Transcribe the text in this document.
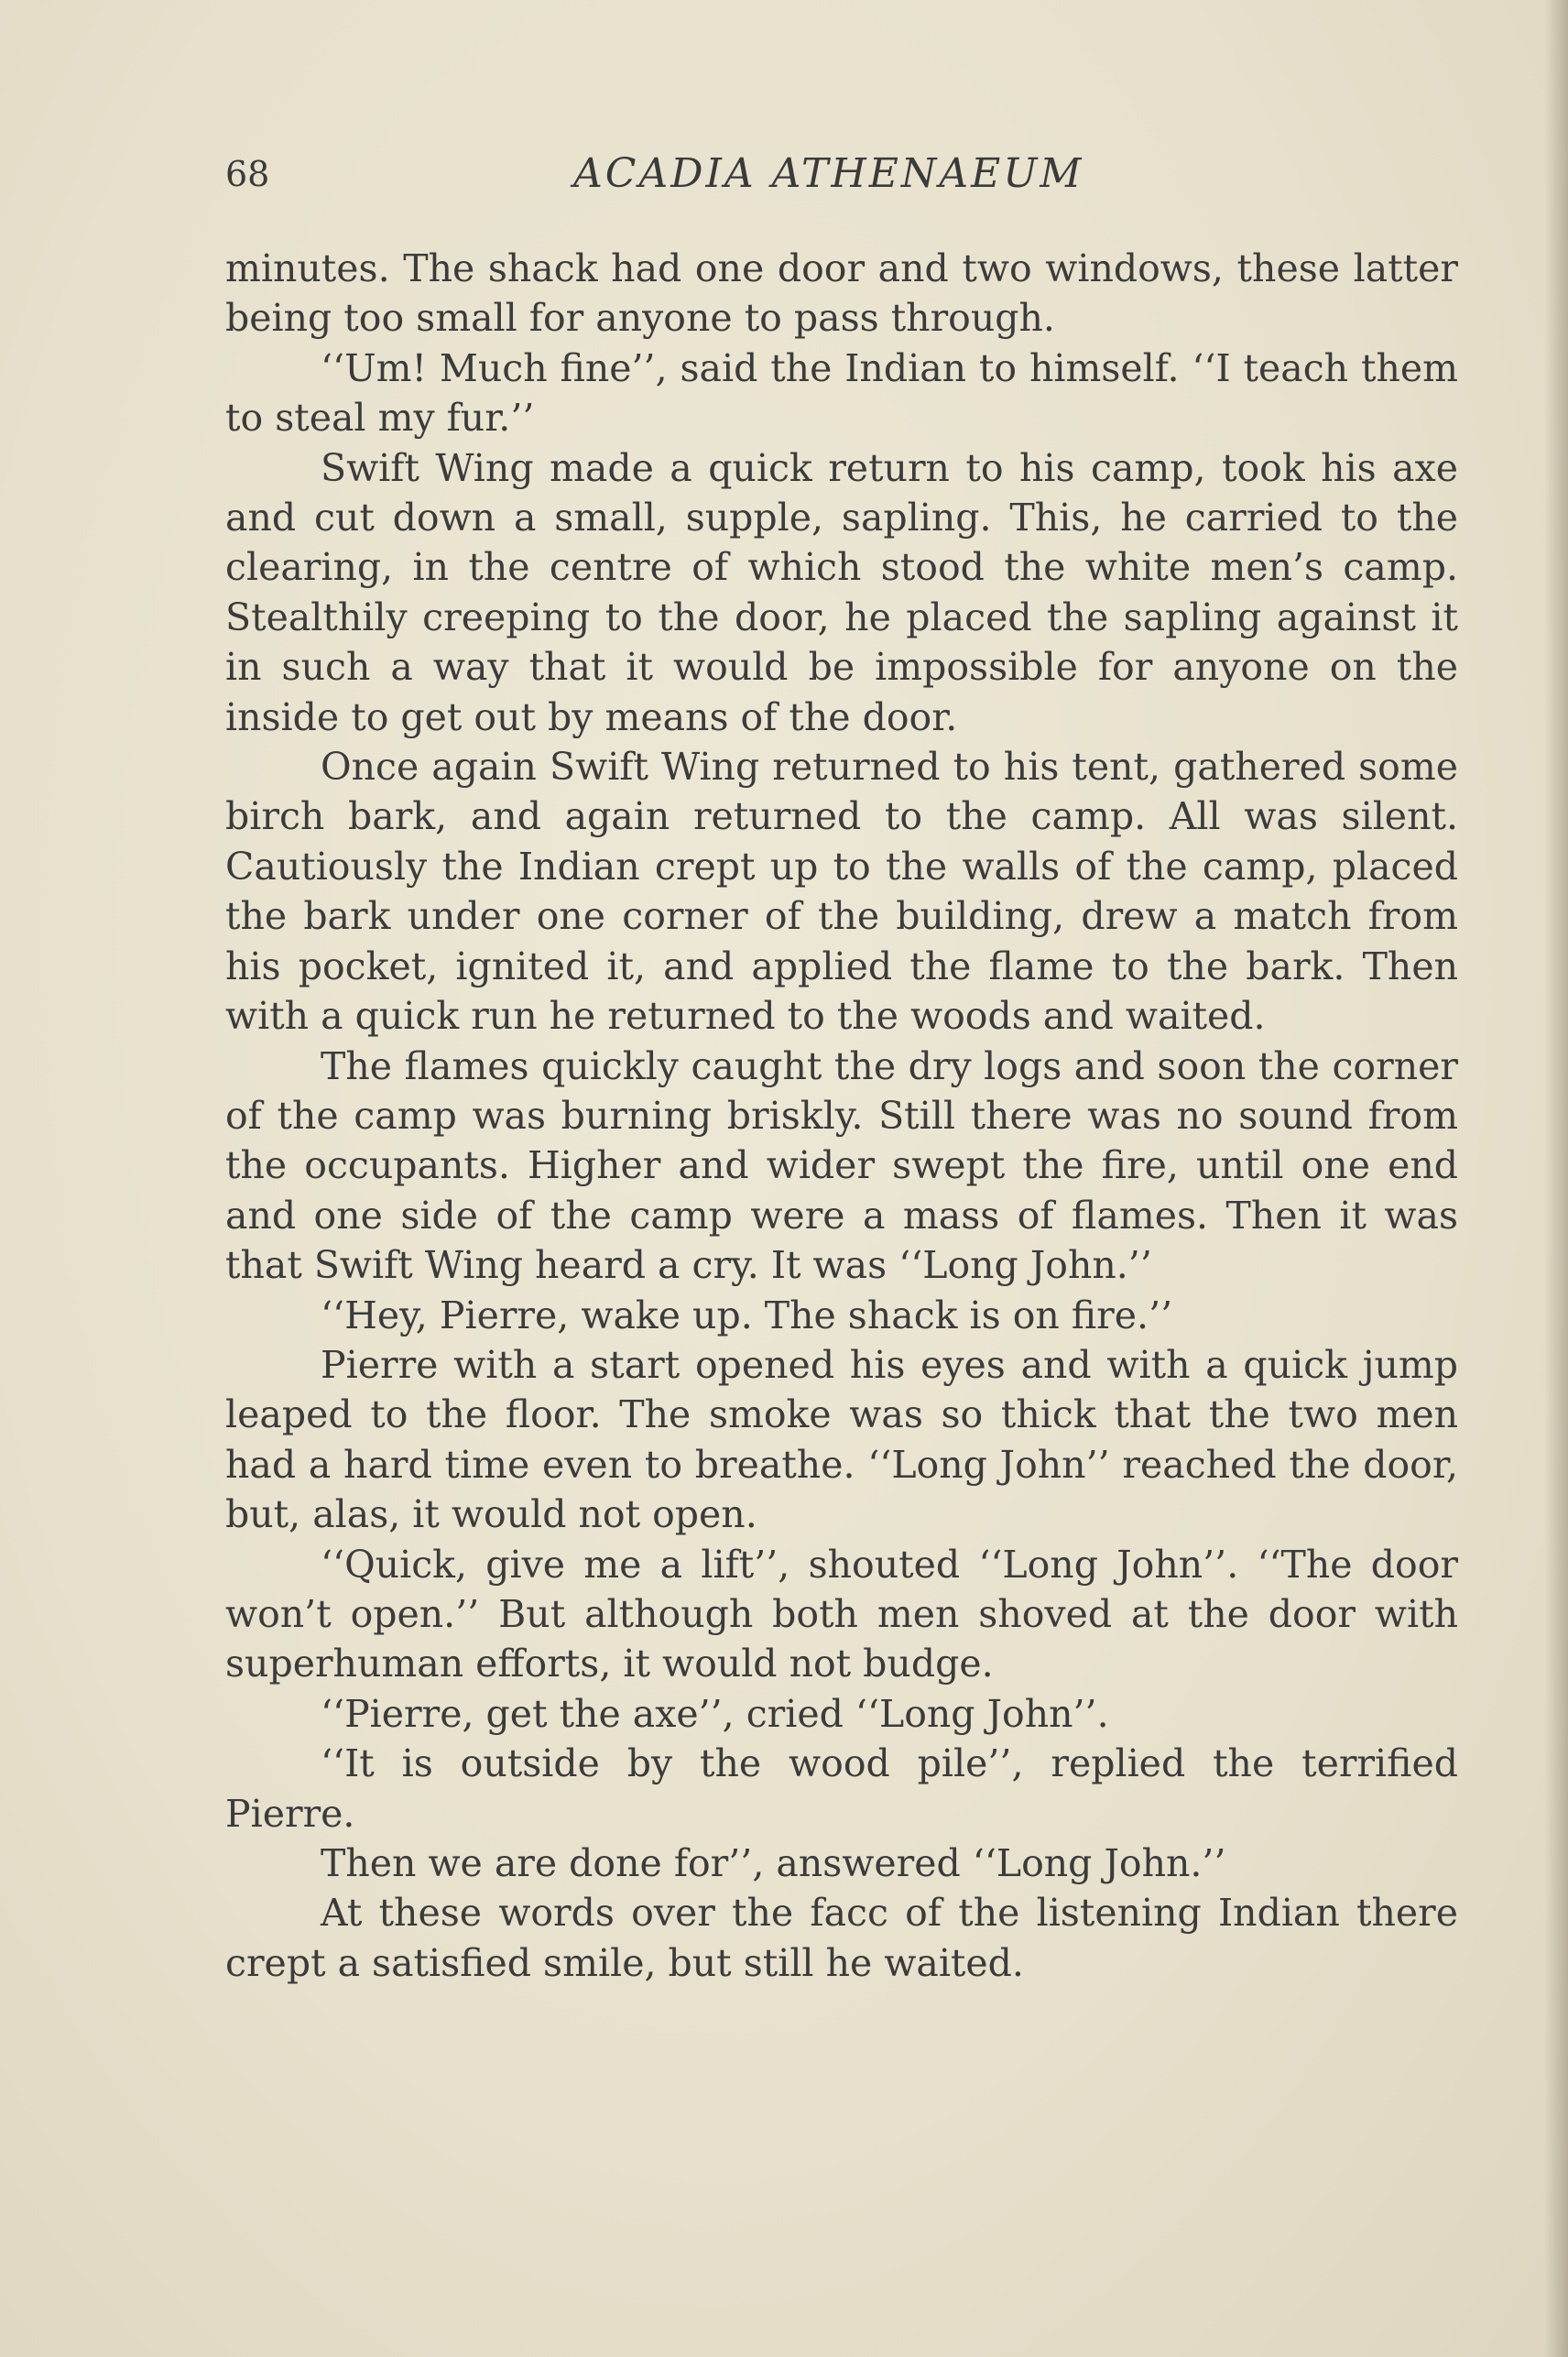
68	ACADIA ATHENAEUM

minutes. The shack had one door and two windows, these latter being too small for anyone to pass through.

‘‘Um! Much fine’’, said the Indian to himself. ‘‘I teach them to steal my fur.’’

Swift Wing made a quick return to his camp, took his axe and cut down a small, supple, sapling. This, he carried to the clearing, in the centre of which stood the white men’s camp. Stealthily creeping to the door, he placed the sapling against it in such a way that it would be impossible for anyone on the inside to get out by means of the door.

Once again Swift Wing returned to his tent, gathered some birch bark, and again returned to the camp. All was silent. Cautiously the Indian crept up to the walls of the camp, placed the bark under one corner of the building, drew a match from his pocket, ignited it, and applied the flame to the bark. Then with a quick run he returned to the woods and waited.

The flames quickly caught the dry logs and soon the corner of the camp was burning briskly. Still there was no sound from the occupants. Higher and wider swept the fire, until one end and one side of the camp were a mass of flames. Then it was that Swift Wing heard a cry. It was ‘‘Long John.’’

‘‘Hey, Pierre, wake up. The shack is on fire.’’

Pierre with a start opened his eyes and with a quick jump leaped to the floor. The smoke was so thick that the two men had a hard time even to breathe. ‘‘Long John’’ reached the door, but, alas, it would not open.

‘‘Quick, give me a lift’’, shouted ‘‘Long John’’. ‘‘The door won’t open.’’ But although both men shoved at the door with superhuman efforts, it would not budge.

‘‘Pierre, get the axe’’, cried ‘‘Long John’’.

‘‘It is outside by the wood pile’’, replied the terrified Pierre.

Then we are done for’’, answered ‘‘Long John.’’

At these words over the facc of the listening Indian there crept a satisfied smile, but still he waited.
